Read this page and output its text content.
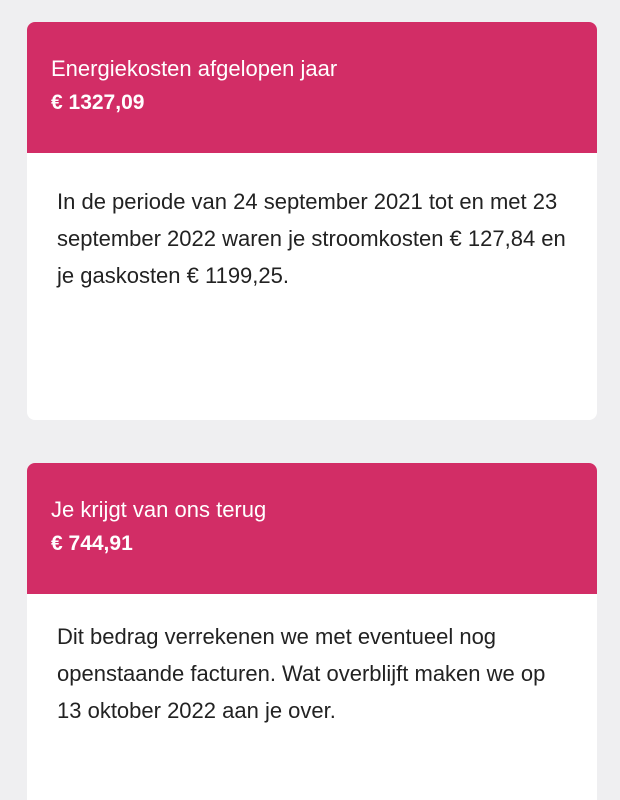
Energiekosten afgelopen jaar
€ 1327,09
In de periode van 24 september 2021 tot en met 23 september 2022 waren je stroomkosten € 127,84 en je gaskosten € 1199,25.
Je krijgt van ons terug
€ 744,91
Dit bedrag verrekenen we met eventueel nog openstaande facturen. Wat overblijft maken we op 13 oktober 2022 aan je over.
